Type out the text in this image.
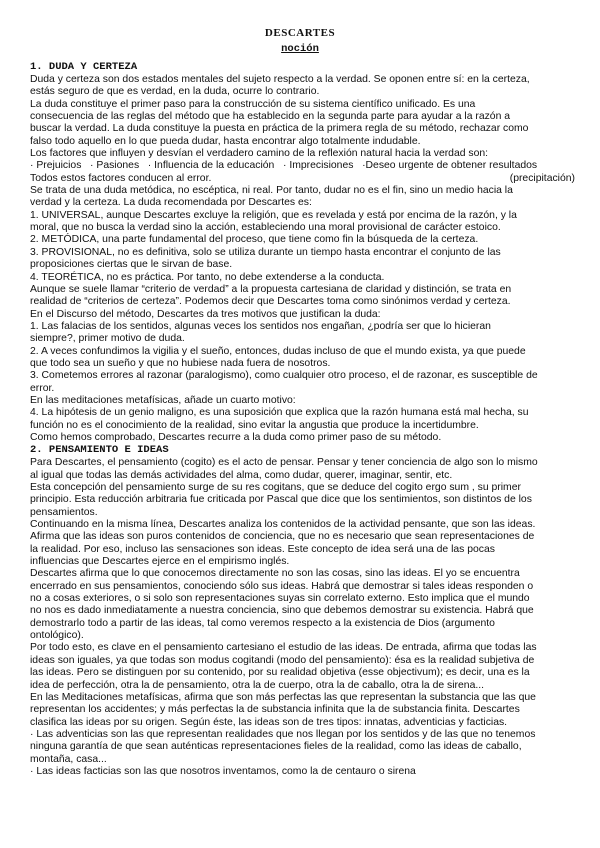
DESCARTES
noción
1. DUDA Y CERTEZA

Duda y certeza son dos estados mentales del sujeto respecto a la verdad. Se oponen entre sí: en la certeza,
estás seguro de que es verdad, en la duda, ocurre lo contrario.

La duda constituye el primer paso para la construcción de su sistema científico unificado. Es una
consecuencia de las reglas del método que ha establecido en la segunda parte para ayudar a la razón a
buscar la verdad. La duda constituye la puesta en práctica de la primera regla de su método, rechazar como
falso todo aquello en lo que pueda dudar, hasta encontrar algo totalmente indudable.

Los factores que influyen y desvían el verdadero camino de la reflexión natural hacia la verdad son:

· Prejuicios   · Pasiones   · Influencia de la educación   · Imprecisiones   ·Deseo urgente de obtener resultados

Todos estos factores conducen al error.	(precipitación)

Se trata de una duda metódica, no escéptica, ni real. Por tanto, dudar no es el fin, sino un medio hacia la
verdad y la certeza. La duda recomendada por Descartes es:

1. UNIVERSAL, aunque Descartes excluye la religión, que es revelada y está por encima de la razón, y la
moral, que no busca la verdad sino la acción, estableciendo una moral provisional de carácter estoico.

2. METÓDICA, una parte fundamental del proceso, que tiene como fin la búsqueda de la certeza.

3. PROVISIONAL, no es definitiva, solo se utiliza durante un tiempo hasta encontrar el conjunto de las
proposiciones ciertas que le sirvan de base.

4. TEORÉTICA, no es práctica. Por tanto, no debe extenderse a la conducta.

Aunque se suele llamar “criterio de verdad” a la propuesta cartesiana de claridad y distinción, se trata en
realidad de “criterios de certeza”. Podemos decir que Descartes toma como sinónimos verdad y certeza.

En el Discurso del método, Descartes da tres motivos que justifican la duda:

1. Las falacias de los sentidos, algunas veces los sentidos nos engañan, ¿podría ser que lo hicieran
siempre?, primer motivo de duda.

2. A veces confundimos la vigilia y el sueño, entonces, dudas incluso de que el mundo exista, ya que puede
que todo sea un sueño y que no hubiese nada fuera de nosotros.

3. Cometemos errores al razonar (paralogismo), como cualquier otro proceso, el de razonar, es susceptible de
error.

En las meditaciones metafísicas, añade un cuarto motivo:

4. La hipótesis de un genio maligno, es una suposición que explica que la razón humana está mal hecha, su
función no es el conocimiento de la realidad, sino evitar la angustia que produce la incertidumbre.

Como hemos comprobado, Descartes recurre a la duda como primer paso de su método.

2. PENSAMIENTO E IDEAS

Para Descartes, el pensamiento (cogito) es el acto de pensar. Pensar y tener conciencia de algo son lo mismo
al igual que todas las demás actividades del alma, como dudar, querer, imaginar, sentir, etc.

Esta concepción del pensamiento surge de su res cogitans, que se deduce del cogito ergo sum , su primer
principio. Esta reducción arbitraria fue criticada por Pascal que dice que los sentimientos, son distintos de los
pensamientos.

Continuando en la misma línea, Descartes analiza los contenidos de la actividad pensante, que son las ideas.
Afirma que las ideas son puros contenidos de conciencia, que no es necesario que sean representaciones de
la realidad. Por eso, incluso las sensaciones son ideas. Este concepto de idea será una de las pocas
influencias que Descartes ejerce en el empirismo inglés.

Descartes afirma que lo que conocemos directamente no son las cosas, sino las ideas. El yo se encuentra
encerrado en sus pensamientos, conociendo sólo sus ideas. Habrá que demostrar si tales ideas responden o
no a cosas exteriores, o si solo son representaciones suyas sin correlato externo. Esto implica que el mundo
no nos es dado inmediatamente a nuestra conciencia, sino que debemos demostrar su existencia. Habrá que
demostrarlo todo a partir de las ideas, tal como veremos respecto a la existencia de Dios (argumento
ontológico).

Por todo esto, es clave en el pensamiento cartesiano el estudio de las ideas. De entrada, afirma que todas las
ideas son iguales, ya que todas son modus cogitandi (modo del pensamiento): ésa es la realidad subjetiva de
las ideas. Pero se distinguen por su contenido, por su realidad objetiva (esse objectivum); es decir, una es la
idea de perfección, otra la de pensamiento, otra la de cuerpo, otra la de caballo, otra la de sirena...

En las Meditaciones metafísicas, afirma que son más perfectas las que representan la substancia que las que
representan los accidentes; y más perfectas la de substancia infinita que la de substancia finita. Descartes
clasifica las ideas por su origen. Según éste, las ideas son de tres tipos: innatas, adventicias y facticias.

· Las adventicias son las que representan realidades que nos llegan por los sentidos y de las que no tenemos
ninguna garantía de que sean auténticas representaciones fieles de la realidad, como las ideas de caballo,
montaña, casa...

· Las ideas facticias son las que nosotros inventamos, como la de centauro o sirena
